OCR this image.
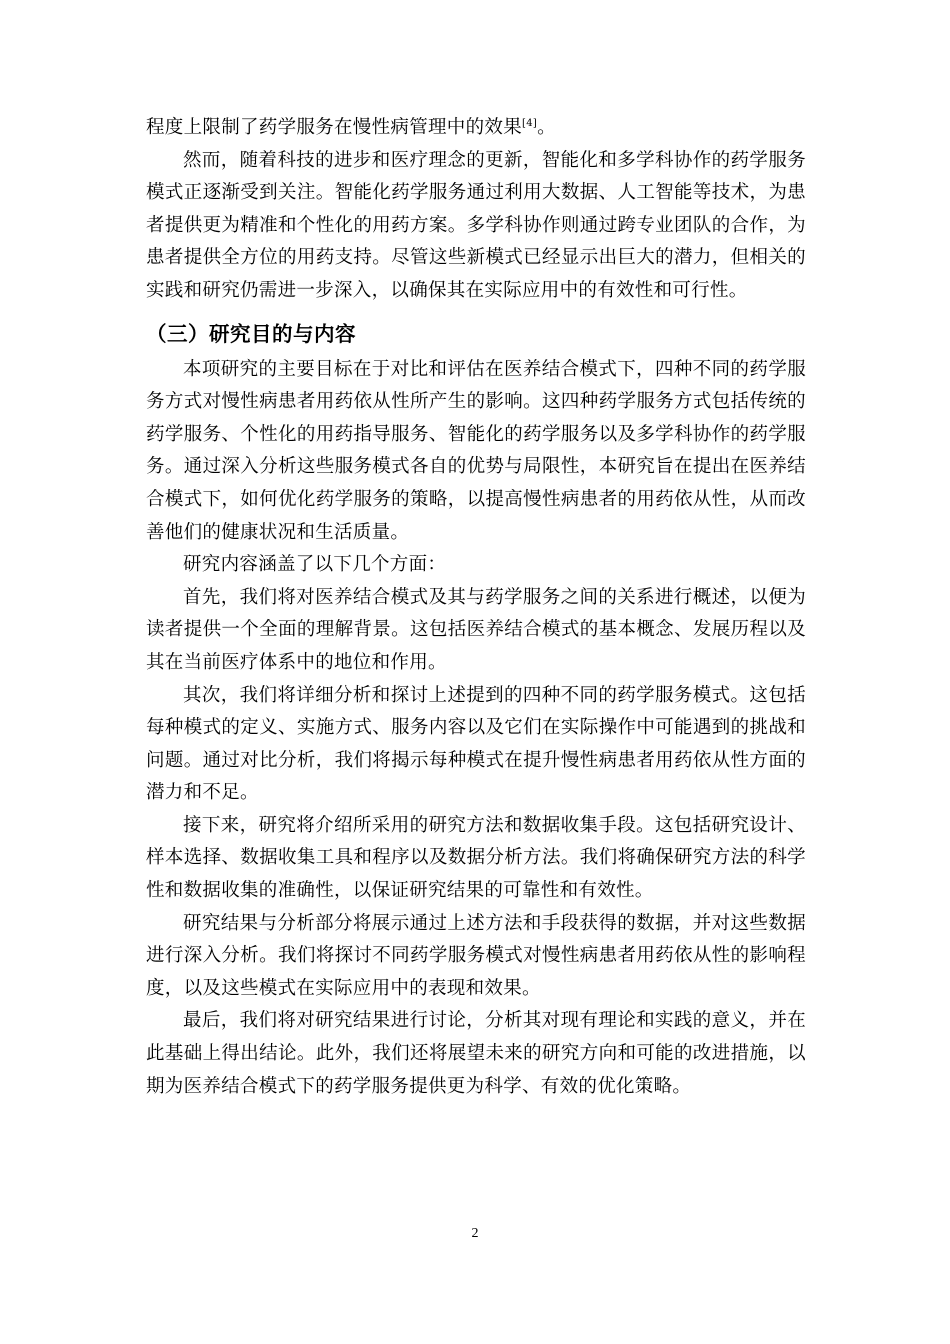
程度上限制了药学服务在慢性病管理中的效果[4]。

然而，随着科技的进步和医疗理念的更新，智能化和多学科协作的药学服务模式正逐渐受到关注。智能化药学服务通过利用大数据、人工智能等技术，为患者提供更为精准和个性化的用药方案。多学科协作则通过跨专业团队的合作，为患者提供全方位的用药支持。尽管这些新模式已经显示出巨大的潜力，但相关的实践和研究仍需进一步深入，以确保其在实际应用中的有效性和可行性。

（三）研究目的与内容

本项研究的主要目标在于对比和评估在医养结合模式下，四种不同的药学服务方式对慢性病患者用药依从性所产生的影响。这四种药学服务方式包括传统的药学服务、个性化的用药指导服务、智能化的药学服务以及多学科协作的药学服务。通过深入分析这些服务模式各自的优势与局限性，本研究旨在提出在医养结合模式下，如何优化药学服务的策略，以提高慢性病患者的用药依从性，从而改善他们的健康状况和生活质量。

研究内容涵盖了以下几个方面：

首先，我们将对医养结合模式及其与药学服务之间的关系进行概述，以便为读者提供一个全面的理解背景。这包括医养结合模式的基本概念、发展历程以及其在当前医疗体系中的地位和作用。

其次，我们将详细分析和探讨上述提到的四种不同的药学服务模式。这包括每种模式的定义、实施方式、服务内容以及它们在实际操作中可能遇到的挑战和问题。通过对比分析，我们将揭示每种模式在提升慢性病患者用药依从性方面的潜力和不足。

接下来，研究将介绍所采用的研究方法和数据收集手段。这包括研究设计、样本选择、数据收集工具和程序以及数据分析方法。我们将确保研究方法的科学性和数据收集的准确性，以保证研究结果的可靠性和有效性。

研究结果与分析部分将展示通过上述方法和手段获得的数据，并对这些数据进行深入分析。我们将探讨不同药学服务模式对慢性病患者用药依从性的影响程度，以及这些模式在实际应用中的表现和效果。

最后，我们将对研究结果进行讨论，分析其对现有理论和实践的意义，并在此基础上得出结论。此外，我们还将展望未来的研究方向和可能的改进措施，以期为医养结合模式下的药学服务提供更为科学、有效的优化策略。

2
